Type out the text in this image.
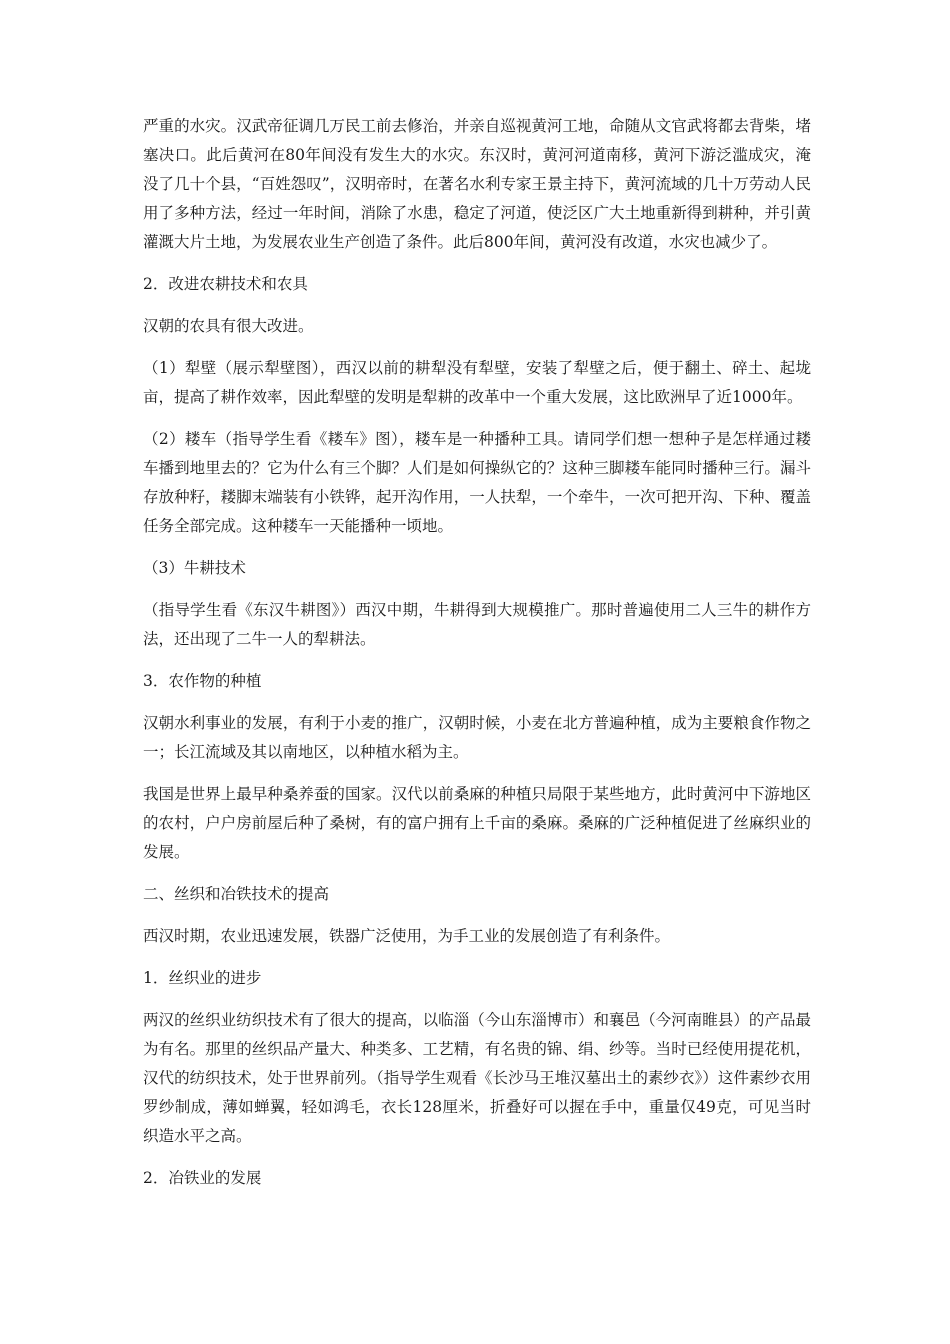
严重的水灾。汉武帝征调几万民工前去修治，并亲自巡视黄河工地，命随从文官武将都去背柴，堵塞决口。此后黄河在80年间没有发生大的水灾。东汉时，黄河河道南移，黄河下游泛滥成灾，淹没了几十个县，“百姓怨叹”，汉明帝时，在著名水利专家王景主持下，黄河流域的几十万劳动人民用了多种方法，经过一年时间，消除了水患，稳定了河道，使泛区广大土地重新得到耕种，并引黄灌溉大片土地，为发展农业生产创造了条件。此后800年间，黄河没有改道，水灾也减少了。

2．改进农耕技术和农具

汉朝的农具有很大改进。

（1）犁壁（展示犁壁图），西汉以前的耕犁没有犁壁，安装了犁壁之后，便于翻土、碎土、起垅亩，提高了耕作效率，因此犁壁的发明是犁耕的改革中一个重大发展，这比欧洲早了近1000年。

（2）耧车（指导学生看《耧车》图），耧车是一种播种工具。请同学们想一想种子是怎样通过耧车播到地里去的？它为什么有三个脚？人们是如何操纵它的？这种三脚耧车能同时播种三行。漏斗存放种籽，耧脚末端装有小铁铧，起开沟作用，一人扶犁，一个牵牛，一次可把开沟、下种、覆盖任务全部完成。这种耧车一天能播种一顷地。

（3）牛耕技术

（指导学生看《东汉牛耕图》）西汉中期，牛耕得到大规模推广。那时普遍使用二人三牛的耕作方法，还出现了二牛一人的犁耕法。

3．农作物的种植

汉朝水利事业的发展，有利于小麦的推广，汉朝时候，小麦在北方普遍种植，成为主要粮食作物之一；长江流域及其以南地区，以种植水稻为主。

我国是世界上最早种桑养蚕的国家。汉代以前桑麻的种植只局限于某些地方，此时黄河中下游地区的农村，户户房前屋后种了桑树，有的富户拥有上千亩的桑麻。桑麻的广泛种植促进了丝麻织业的发展。

二、丝织和冶铁技术的提高

西汉时期，农业迅速发展，铁器广泛使用，为手工业的发展创造了有利条件。

1．丝织业的进步

两汉的丝织业纺织技术有了很大的提高，以临淄（今山东淄博市）和襄邑（今河南睢县）的产品最为有名。那里的丝织品产量大、种类多、工艺精，有名贵的锦、绢、纱等。当时已经使用提花机，汉代的纺织技术，处于世界前列。（指导学生观看《长沙马王堆汉墓出土的素纱衣》）这件素纱衣用罗纱制成，薄如蝉翼，轻如鸿毛，衣长128厘米，折叠好可以握在手中，重量仅49克，可见当时织造水平之高。

2．冶铁业的发展
